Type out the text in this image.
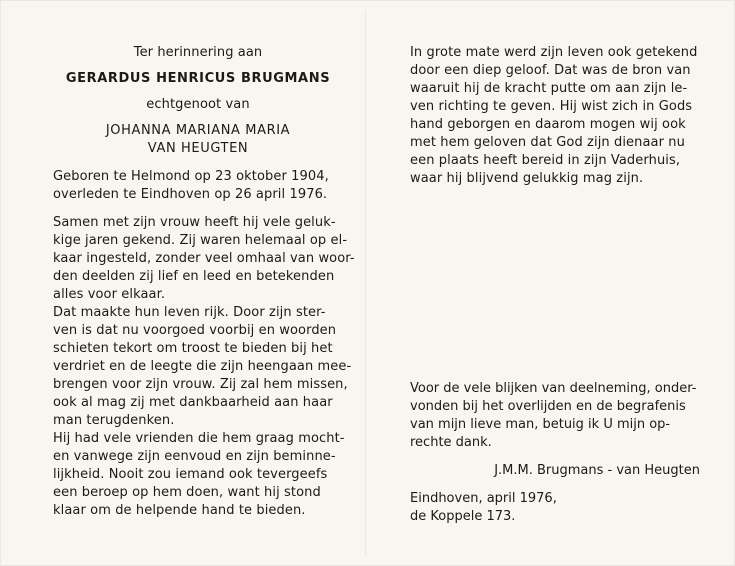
Ter herinnering aan
GERARDUS HENRICUS BRUGMANS
echtgenoot van
JOHANNA MARIANA MARIA
VAN HEUGTEN
Geboren te Helmond op 23 oktober 1904,
overleden te Eindhoven op 26 april 1976.
Samen met zijn vrouw heeft hij vele geluk-
kige jaren gekend. Zij waren helemaal op el-
kaar ingesteld, zonder veel omhaal van woor-
den deelden zij lief en leed en betekenden
alles voor elkaar.
Dat maakte hun leven rijk. Door zijn ster-
ven is dat nu voorgoed voorbij en woorden
schieten tekort om troost te bieden bij het
verdriet en de leegte die zijn heengaan mee-
brengen voor zijn vrouw. Zij zal hem missen,
ook al mag zij met dankbaarheid aan haar
man terugdenken.
Hij had vele vrienden die hem graag mocht-
en vanwege zijn eenvoud en zijn beminne-
lijkheid. Nooit zou iemand ook tevergeefs
een beroep op hem doen, want hij stond
klaar om de helpende hand te bieden.
In grote mate werd zijn leven ook getekend
door een diep geloof. Dat was de bron van
waaruit hij de kracht putte om aan zijn le-
ven richting te geven. Hij wist zich in Gods
hand geborgen en daarom mogen wij ook
met hem geloven dat God zijn dienaar nu
een plaats heeft bereid in zijn Vaderhuis,
waar hij blijvend gelukkig mag zijn.
Voor de vele blijken van deelneming, onder-
vonden bij het overlijden en de begrafenis
van mijn lieve man, betuig ik U mijn op-
rechte dank.
J.M.M. Brugmans - van Heugten
Eindhoven, april 1976,
de Koppele 173.
